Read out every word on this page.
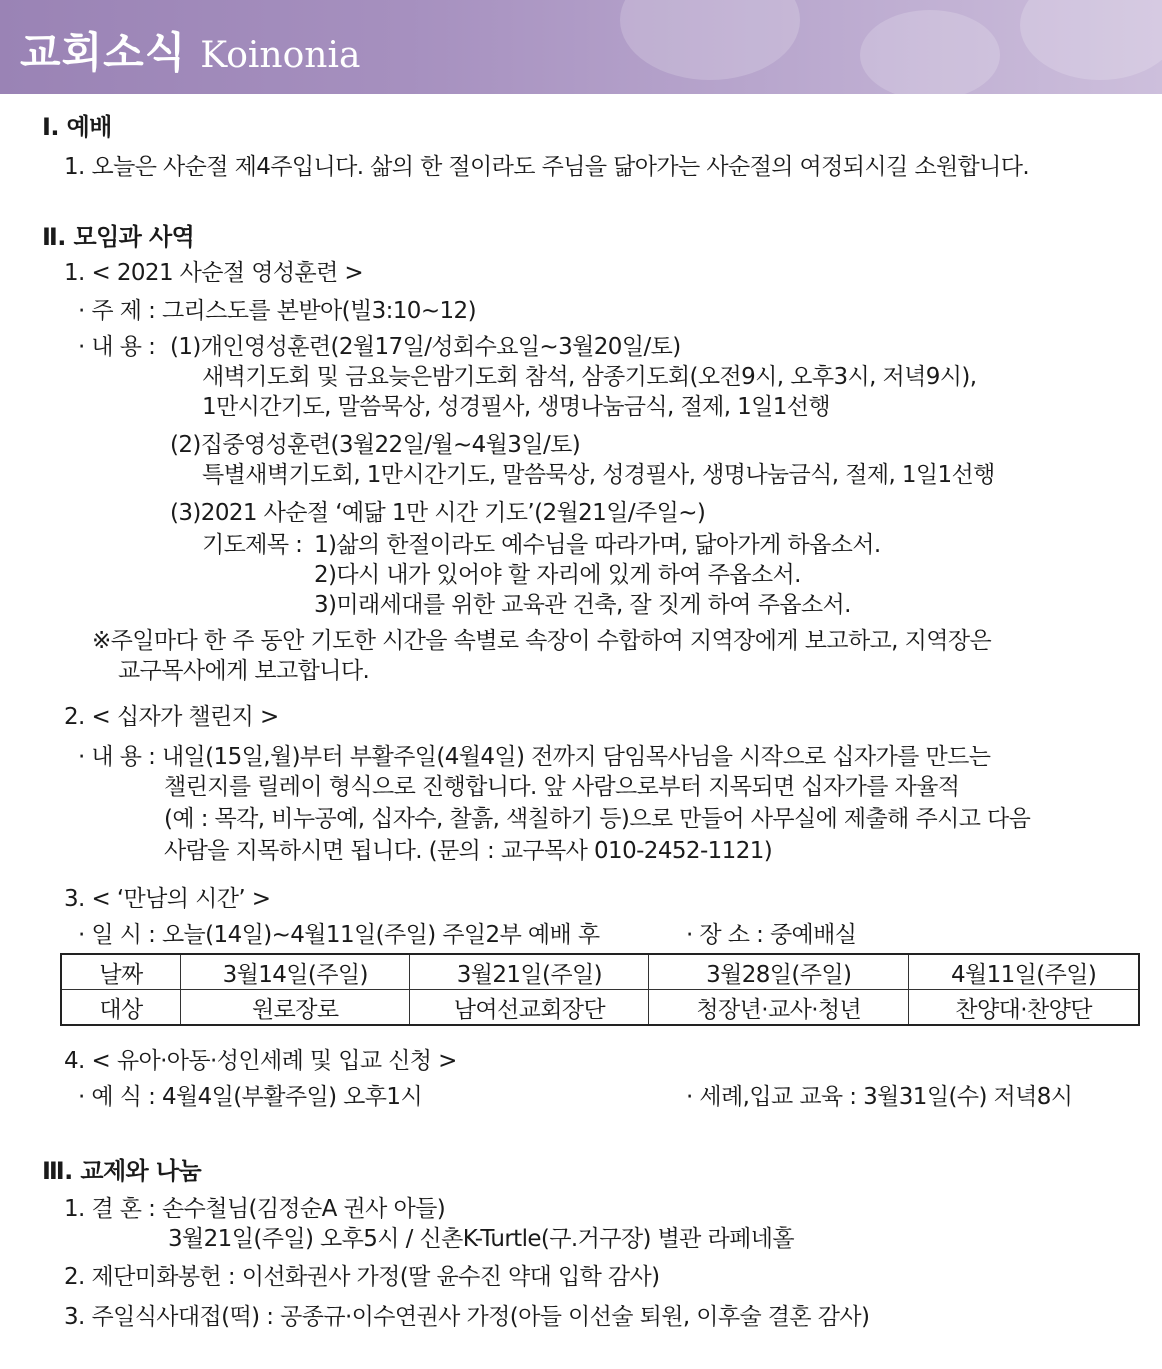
교회소식 Koinonia
Ⅰ. 예배
1. 오늘은 사순절 제4주입니다. 삶의 한 절이라도 주님을 닮아가는 사순절의 여정되시길 소원합니다.
Ⅱ. 모임과 사역
1. < 2021 사순절 영성훈련 >
· 주 제 : 그리스도를 본받아(빌3:10~12)
· 내 용 : (1)개인영성훈련(2월17일/성회수요일~3월20일/토)
새벽기도회 및 금요늦은밤기도회 참석, 삼종기도회(오전9시, 오후3시, 저녁9시),
1만시간기도, 말씀묵상, 성경필사, 생명나눔금식, 절제, 1일1선행
(2)집중영성훈련(3월22일/월~4월3일/토)
특별새벽기도회, 1만시간기도, 말씀묵상, 성경필사, 생명나눔금식, 절제, 1일1선행
(3)2021 사순절 ‘예닮 1만 시간 기도’(2월21일/주일~)
기도제목 : 1)삶의 한절이라도 예수님을 따라가며, 닮아가게 하옵소서.
2)다시 내가 있어야 할 자리에 있게 하여 주옵소서.
3)미래세대를 위한 교육관 건축, 잘 짓게 하여 주옵소서.
※주일마다 한 주 동안 기도한 시간을 속별로 속장이 수합하여 지역장에게 보고하고, 지역장은
교구목사에게 보고합니다.
2. < 십자가 챌린지 >
· 내 용 : 내일(15일,월)부터 부활주일(4월4일) 전까지 담임목사님을 시작으로 십자가를 만드는
챌린지를 릴레이 형식으로 진행합니다. 앞 사람으로부터 지목되면 십자가를 자율적
(예 : 목각, 비누공예, 십자수, 찰흙, 색칠하기 등)으로 만들어 사무실에 제출해 주시고 다음
사람을 지목하시면 됩니다. (문의 : 교구목사 010-2452-1121)
3. < ‘만남의 시간’ >
· 일 시 : 오늘(14일)~4월11일(주일) 주일2부 예배 후	· 장 소 : 중예배실
날짜	3월14일(주일)	3월21일(주일)	3월28일(주일)	4월11일(주일)
대상	원로장로	남여선교회장단	청장년·교사·청년	찬양대·찬양단
4. < 유아·아동·성인세례 및 입교 신청 >
· 예 식 : 4월4일(부활주일) 오후1시	· 세례,입교 교육 : 3월31일(수) 저녁8시
Ⅲ. 교제와 나눔
1. 결 혼 : 손수철님(김정순A 권사 아들)
3월21일(주일) 오후5시 / 신촌K-Turtle(구.거구장) 별관 라페네홀
2. 제단미화봉헌 : 이선화권사 가정(딸 윤수진 약대 입학 감사)
3. 주일식사대접(떡) : 공종규·이수연권사 가정(아들 이선술 퇴원, 이후술 결혼 감사)
